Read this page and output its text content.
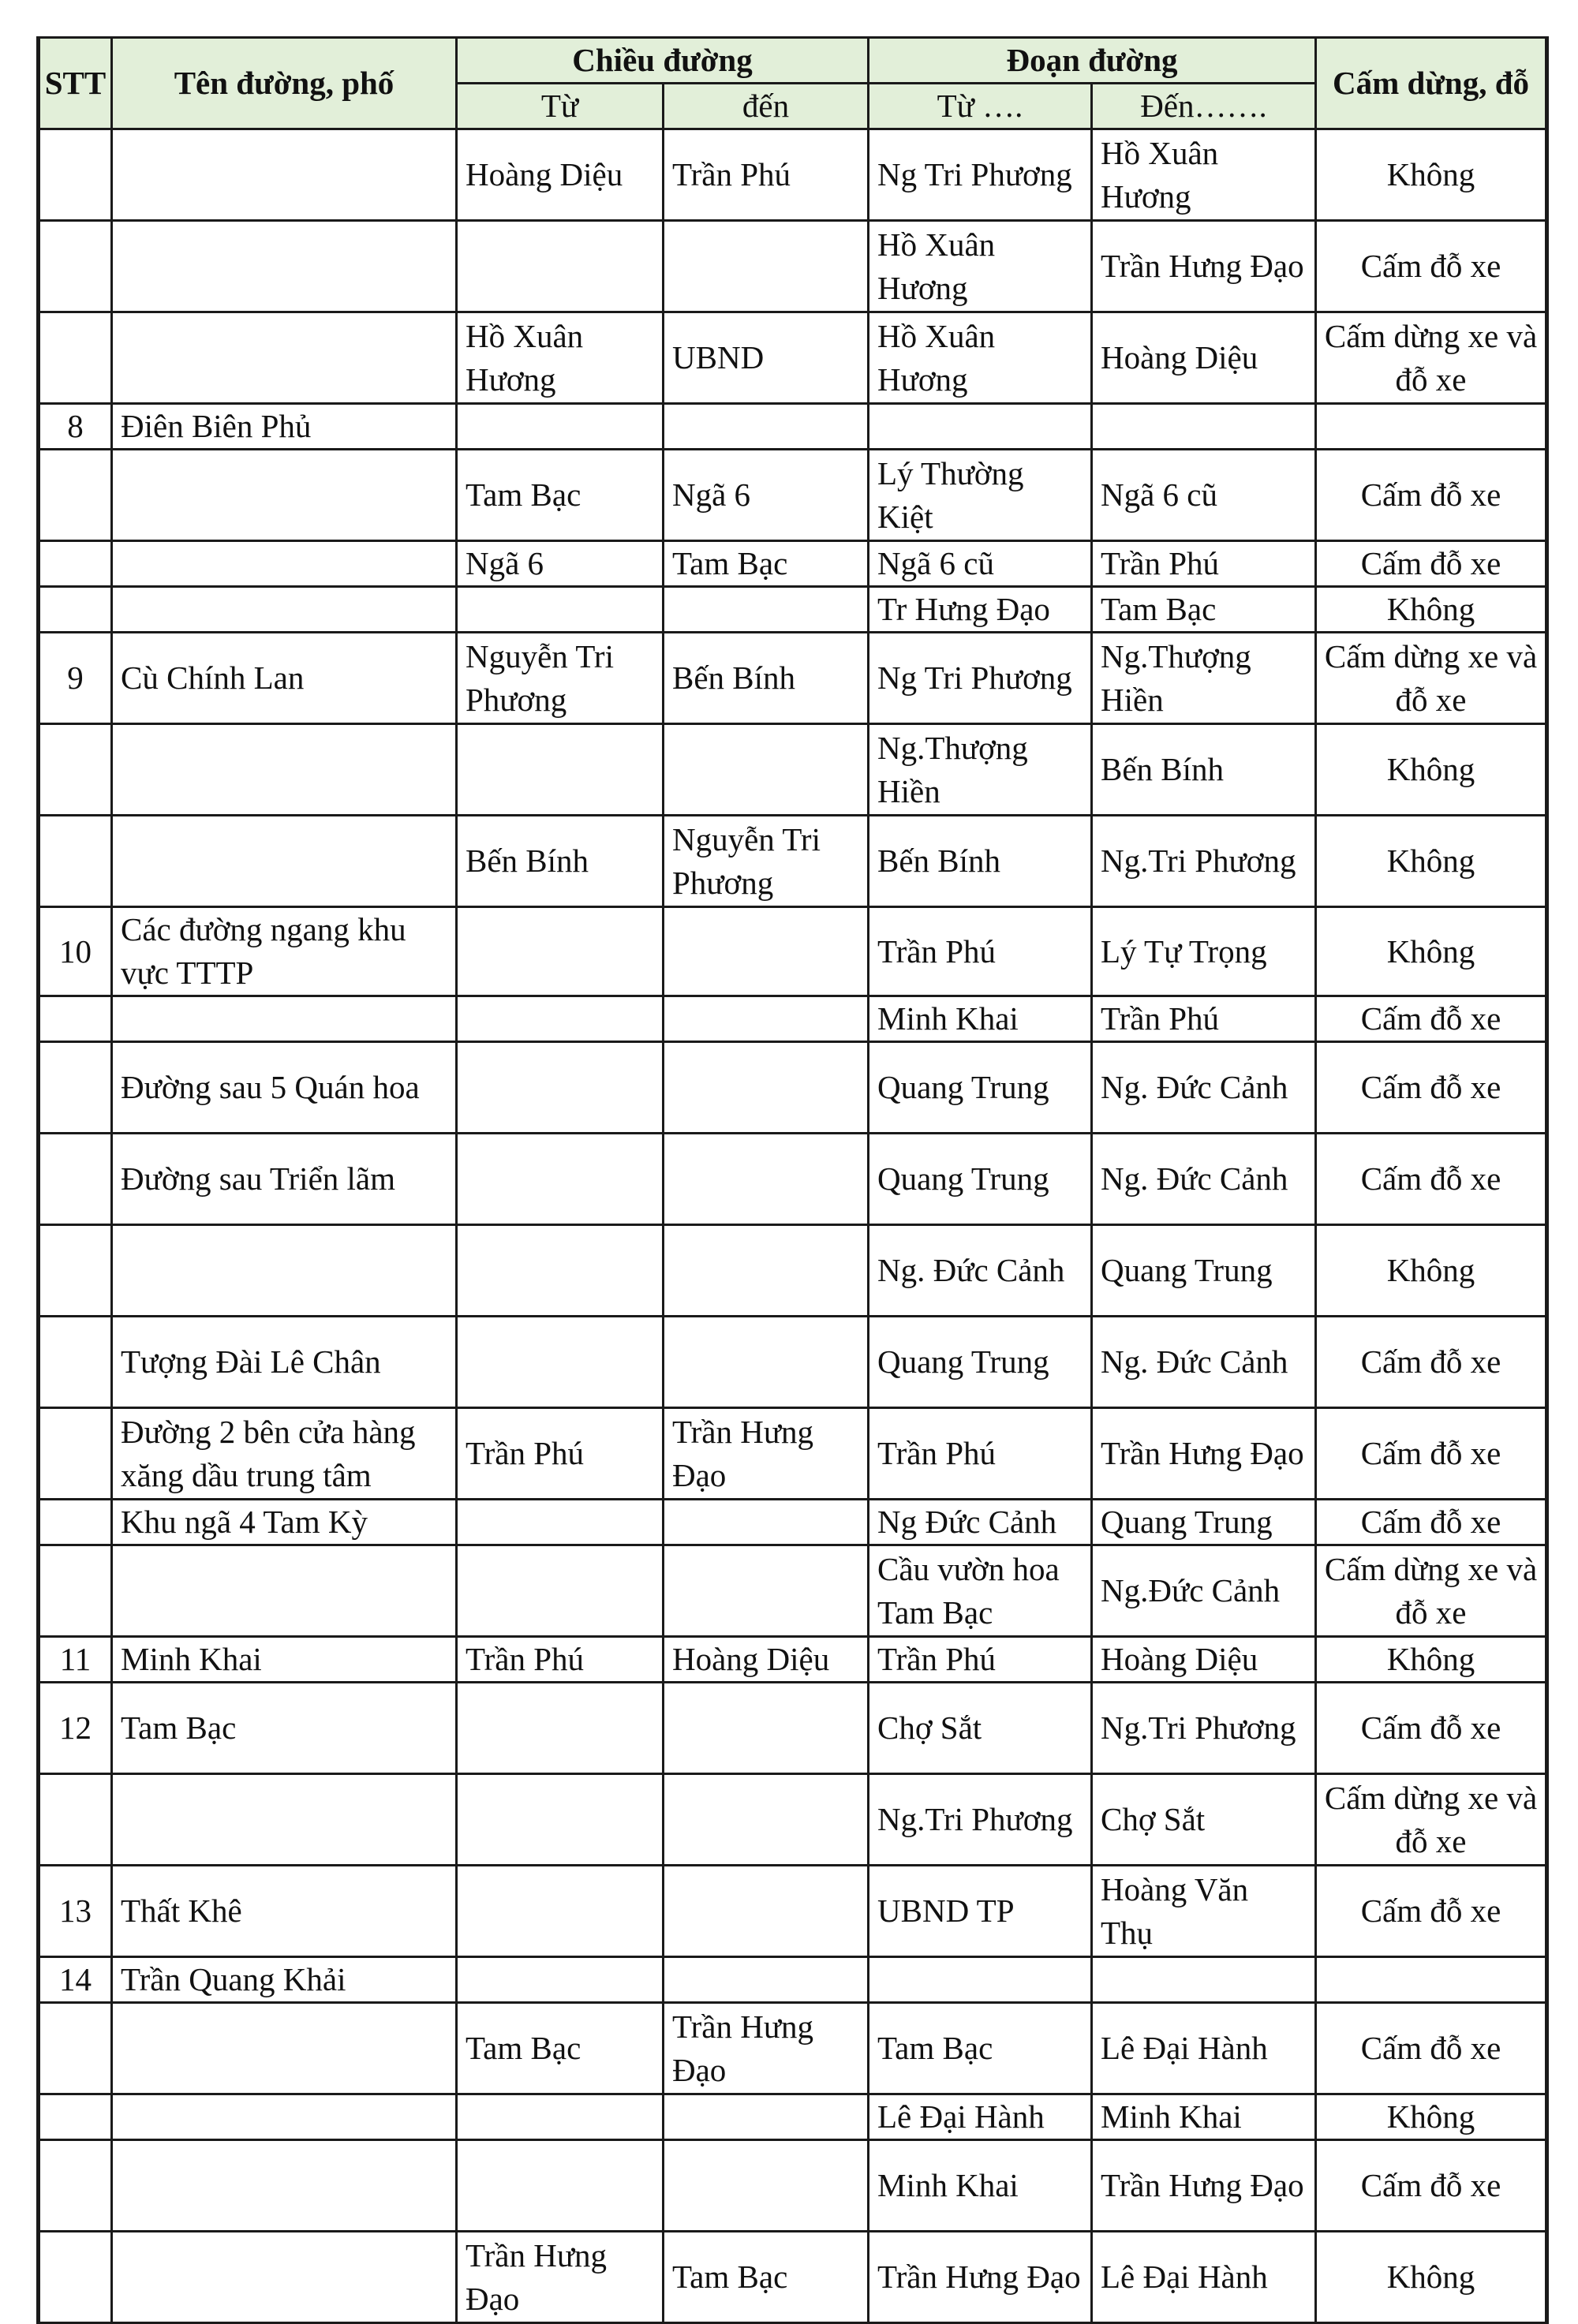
STT	Tên đường, phố	Chiều đường		Đoạn đường		Cấm dừng, đỗ
		Từ	đến	Từ ….	Đến…….	
		Hoàng Diệu	Trần Phú	Ng Tri Phương	Hồ Xuân Hương	Không
				Hồ Xuân Hương	Trần Hưng Đạo	Cấm đỗ xe
		Hồ Xuân Hương	UBND	Hồ Xuân Hương	Hoàng Diệu	Cấm dừng xe và đỗ xe
8	Điên Biên Phủ					
		Tam Bạc	Ngã 6	Lý Thường Kiệt	Ngã 6 cũ	Cấm đỗ xe
		Ngã 6	Tam Bạc	Ngã 6 cũ	Trần Phú	Cấm đỗ xe
				Tr Hưng Đạo	Tam Bạc	Không
9	Cù Chính Lan	Nguyễn Tri Phương	Bến Bính	Ng Tri Phương	Ng.Thượng Hiền	Cấm dừng xe và đỗ xe
				Ng.Thượng Hiền	Bến Bính	Không
		Bến Bính	Nguyễn Tri Phương	Bến Bính	Ng.Tri Phương	Không
10	Các đường ngang khu vực TTTP			Trần Phú	Lý Tự Trọng	Không
				Minh Khai	Trần Phú	Cấm đỗ xe
	Đường sau 5 Quán hoa			Quang Trung	Ng. Đức Cảnh	Cấm đỗ xe
	Đường sau Triển lãm			Quang Trung	Ng. Đức Cảnh	Cấm đỗ xe
				Ng. Đức Cảnh	Quang Trung	Không
	Tượng Đài Lê Chân			Quang Trung	Ng. Đức Cảnh	Cấm đỗ xe
	Đường 2 bên cửa hàng xăng dầu trung tâm	Trần Phú	Trần Hưng Đạo	Trần Phú	Trần Hưng Đạo	Cấm đỗ xe
	Khu ngã 4 Tam Kỳ			Ng Đức Cảnh	Quang Trung	Cấm đỗ xe
				Cầu vườn hoa Tam Bạc	Ng.Đức Cảnh	Cấm dừng xe và đỗ xe
11	Minh Khai	Trần Phú	Hoàng Diệu	Trần Phú	Hoàng Diệu	Không
12	Tam Bạc			Chợ Sắt	Ng.Tri Phương	Cấm đỗ xe
				Ng.Tri Phương	Chợ Sắt	Cấm dừng xe và đỗ xe
13	Thất Khê			UBND TP	Hoàng Văn Thụ	Cấm đỗ xe
14	Trần Quang Khải					
		Tam Bạc	Trần Hưng Đạo	Tam Bạc	Lê Đại Hành	Cấm đỗ xe
				Lê Đại Hành	Minh Khai	Không
				Minh Khai	Trần Hưng Đạo	Cấm đỗ xe
		Trần Hưng Đạo	Tam Bạc	Trần Hưng Đạo	Lê Đại Hành	Không
